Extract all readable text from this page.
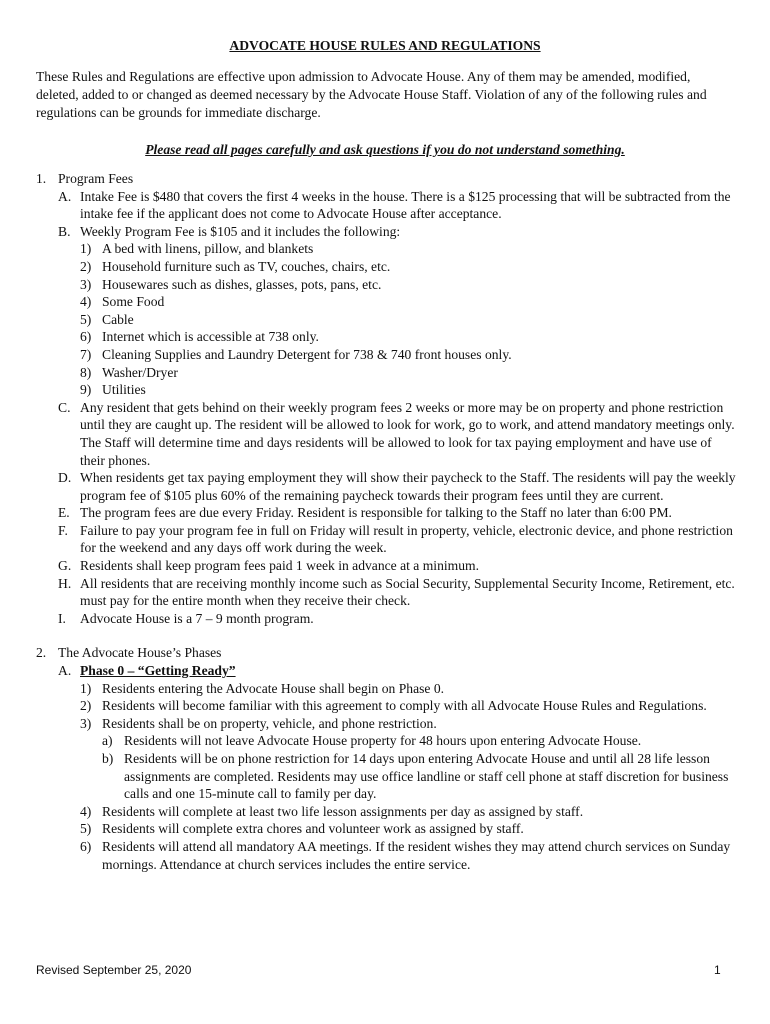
ADVOCATE HOUSE RULES AND REGULATIONS
These Rules and Regulations are effective upon admission to Advocate House. Any of them may be amended, modified, deleted, added to or changed as deemed necessary by the Advocate House Staff. Violation of any of the following rules and regulations can be grounds for immediate discharge.
Please read all pages carefully and ask questions if you do not understand something.
1. Program Fees
A. Intake Fee is $480 that covers the first 4 weeks in the house. There is a $125 processing that will be subtracted from the intake fee if the applicant does not come to Advocate House after acceptance.
B. Weekly Program Fee is $105 and it includes the following:
1) A bed with linens, pillow, and blankets
2) Household furniture such as TV, couches, chairs, etc.
3) Housewares such as dishes, glasses, pots, pans, etc.
4) Some Food
5) Cable
6) Internet which is accessible at 738 only.
7) Cleaning Supplies and Laundry Detergent for 738 & 740 front houses only.
8) Washer/Dryer
9) Utilities
C. Any resident that gets behind on their weekly program fees 2 weeks or more may be on property and phone restriction until they are caught up. The resident will be allowed to look for work, go to work, and attend mandatory meetings only. The Staff will determine time and days residents will be allowed to look for tax paying employment and have use of their phones.
D. When residents get tax paying employment they will show their paycheck to the Staff. The residents will pay the weekly program fee of $105 plus 60% of the remaining paycheck towards their program fees until they are current.
E. The program fees are due every Friday. Resident is responsible for talking to the Staff no later than 6:00 PM.
F. Failure to pay your program fee in full on Friday will result in property, vehicle, electronic device, and phone restriction for the weekend and any days off work during the week.
G. Residents shall keep program fees paid 1 week in advance at a minimum.
H. All residents that are receiving monthly income such as Social Security, Supplemental Security Income, Retirement, etc. must pay for the entire month when they receive their check.
I. Advocate House is a 7 – 9 month program.
2. The Advocate House’s Phases
A. Phase 0 – “Getting Ready”
1) Residents entering the Advocate House shall begin on Phase 0.
2) Residents will become familiar with this agreement to comply with all Advocate House Rules and Regulations.
3) Residents shall be on property, vehicle, and phone restriction.
a) Residents will not leave Advocate House property for 48 hours upon entering Advocate House.
b) Residents will be on phone restriction for 14 days upon entering Advocate House and until all 28 life lesson assignments are completed. Residents may use office landline or staff cell phone at staff discretion for business calls and one 15-minute call to family per day.
4) Residents will complete at least two life lesson assignments per day as assigned by staff.
5) Residents will complete extra chores and volunteer work as assigned by staff.
6) Residents will attend all mandatory AA meetings. If the resident wishes they may attend church services on Sunday mornings. Attendance at church services includes the entire service.
Revised September 25, 2020	1
